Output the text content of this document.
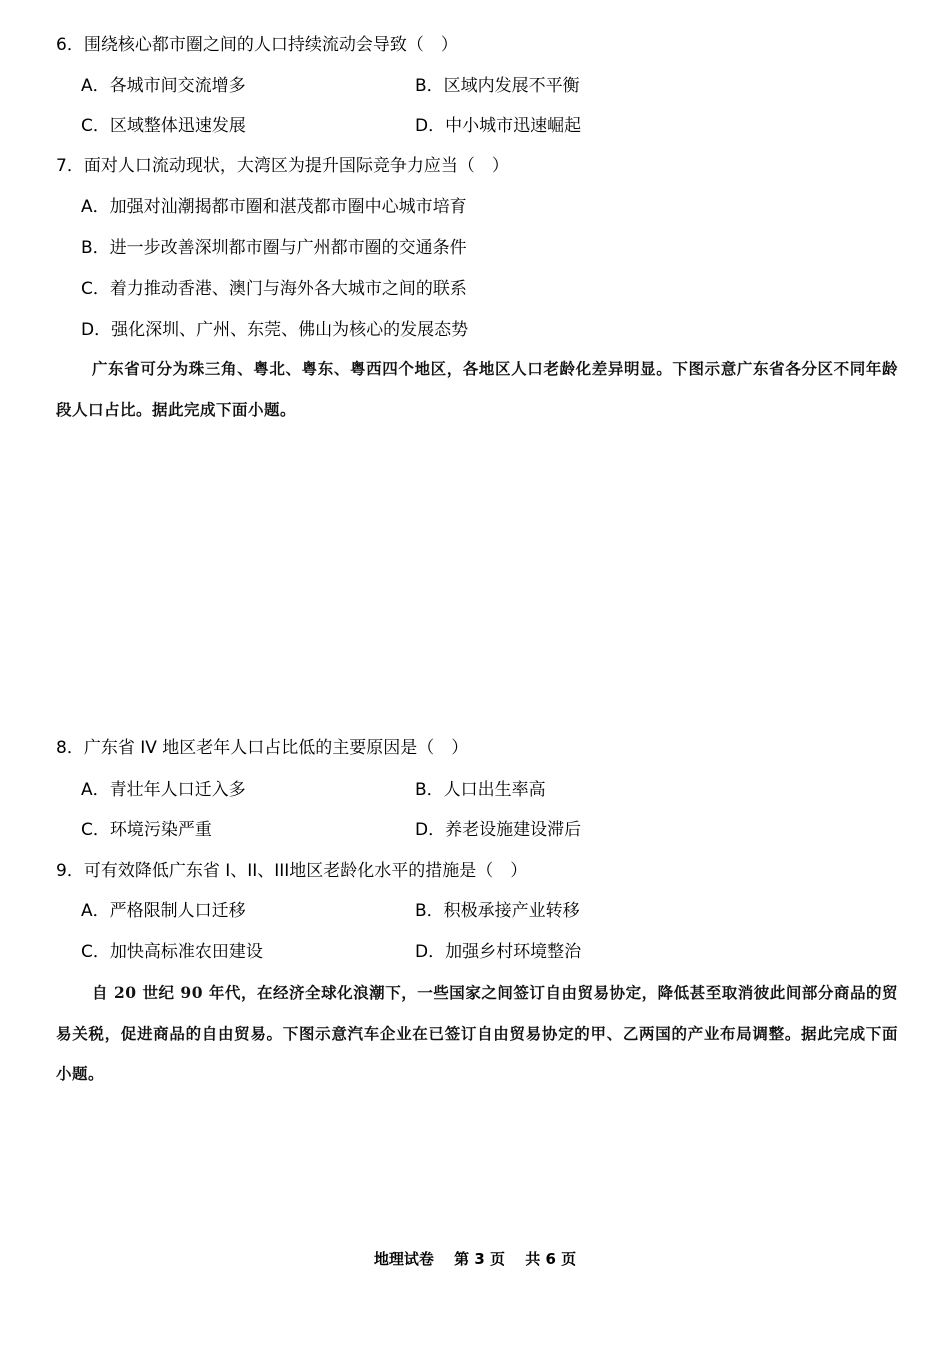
6．围绕核心都市圈之间的人口持续流动会导致（　）
A．各城市间交流增多	B．区域内发展不平衡
C．区域整体迅速发展	D．中小城市迅速崛起
7．面对人口流动现状，大湾区为提升国际竞争力应当（　）
A．加强对汕潮揭都市圈和湛茂都市圈中心城市培育
B．进一步改善深圳都市圈与广州都市圈的交通条件
C．着力推动香港、澳门与海外各大城市之间的联系
D．强化深圳、广州、东莞、佛山为核心的发展态势
广东省可分为珠三角、粤北、粤东、粤西四个地区，各地区人口老龄化差异明显。下图示意广东省各分区不同年龄段人口占比。据此完成下面小题。
8．广东省 IV 地区老年人口占比低的主要原因是（　）
A．青壮年人口迁入多	B．人口出生率高
C．环境污染严重	D．养老设施建设滞后
9．可有效降低广东省 I、II、III地区老龄化水平的措施是（　）
A．严格限制人口迁移	B．积极承接产业转移
C．加快高标准农田建设	D．加强乡村环境整治
自 20 世纪 90 年代，在经济全球化浪潮下，一些国家之间签订自由贸易协定，降低甚至取消彼此间部分商品的贸易关税，促进商品的自由贸易。下图示意汽车企业在已签订自由贸易协定的甲、乙两国的产业布局调整。据此完成下面小题。
地理试卷　 第 3 页　 共 6 页
